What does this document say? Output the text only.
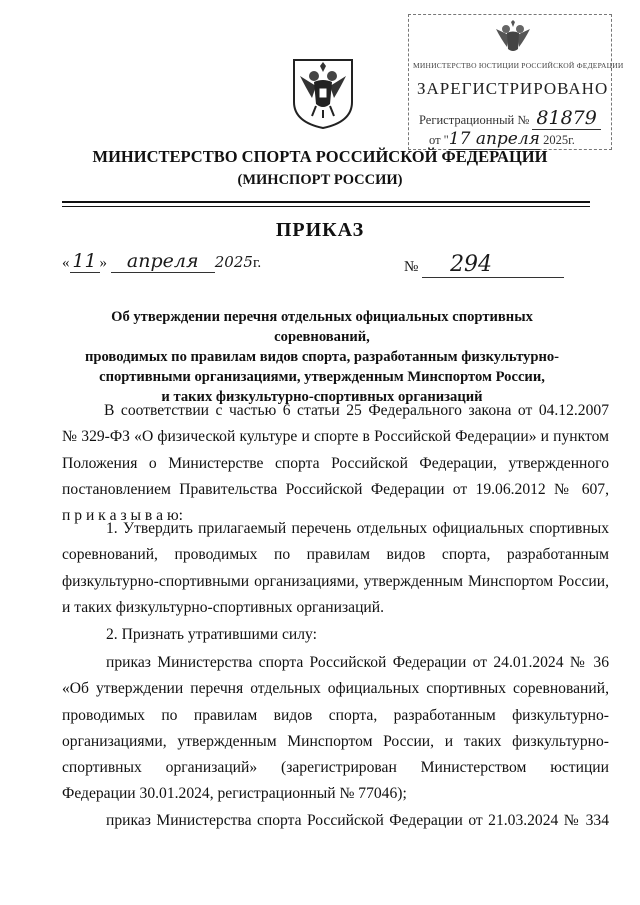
МИНИСТЕРСТВО ЮСТИЦИИ РОССИЙСКОЙ ФЕДЕРАЦИИ
ЗАРЕГИСТРИРОВАНО
Регистрационный № 81879
от "17 апреля 2025г.
МИНИСТЕРСТВО СПОРТА РОССИЙСКОЙ ФЕДЕРАЦИИ
(МИНСПОРТ РОССИИ)
ПРИКАЗ
« 11 » апреля 2025г.	№ 294
Об утверждении перечня отдельных официальных спортивных соревнований,
проводимых по правилам видов спорта, разработанным физкультурно-
спортивными организациями, утвержденным Минспортом России,
и таких физкультурно-спортивных организаций
В соответствии с частью 6 статьи 25 Федерального закона от 04.12.2007
№ 329-ФЗ «О физической культуре и спорте в Российской Федерации» и пунктом
Положения о Министерстве спорта Российской Федерации, утвержденного
постановлением Правительства Российской Федерации от 19.06.2012 № 607,
п р и к а з ы в а ю:
1. Утвердить прилагаемый перечень отдельных официальных спортивных
соревнований, проводимых по правилам видов спорта, разработанным
физкультурно-спортивными организациями, утвержденным Минспортом России,
и таких физкультурно-спортивных организаций.
2. Признать утратившими силу:
приказ Министерства спорта Российской Федерации от 24.01.2024 № 36
«Об утверждении перечня отдельных официальных спортивных соревнований,
проводимых по правилам видов спорта, разработанным физкультурно-
организациями, утвержденным Минспортом России, и таких физкультурно-
спортивных организаций» (зарегистрирован Министерством юстиции
Федерации 30.01.2024, регистрационный № 77046);
приказ Министерства спорта Российской Федерации от 21.03.2024 № 334
